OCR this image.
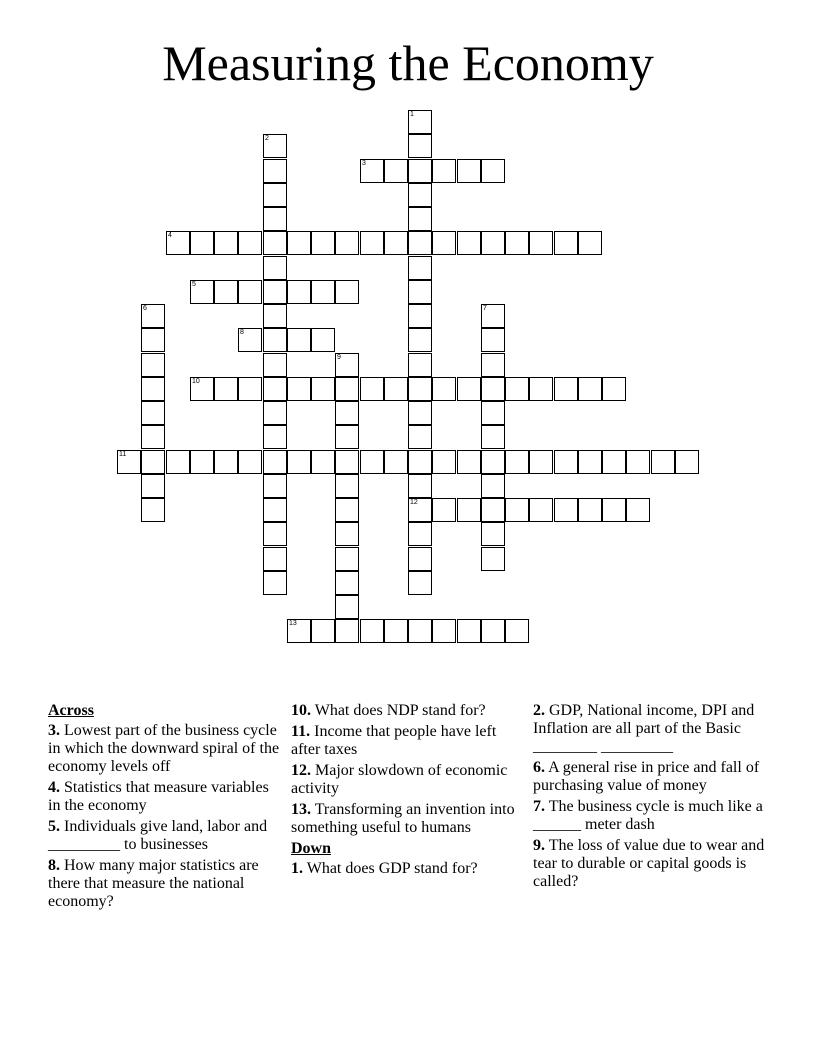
Measuring the Economy
1
12
2
3
4
5
6	7
8
9
10
11
13
Across
3. Lowest part of the business cycle in which the downward spiral of the economy levels off
4. Statistics that measure variables in the economy
5. Individuals give land, labor and _________ to businesses
8. How many major statistics are there that measure the national economy?
10. What does NDP stand for?
11. Income that people have left after taxes
12. Major slowdown of economic activity
13. Transforming an invention into something useful to humans
Down
1. What does GDP stand for?
2. GDP, National income, DPI and Inflation are all part of the Basic ________ _________
6. A general rise in price and fall of purchasing value of money
7. The business cycle is much like a ______ meter dash
9. The loss of value due to wear and tear to durable or capital goods is called?
